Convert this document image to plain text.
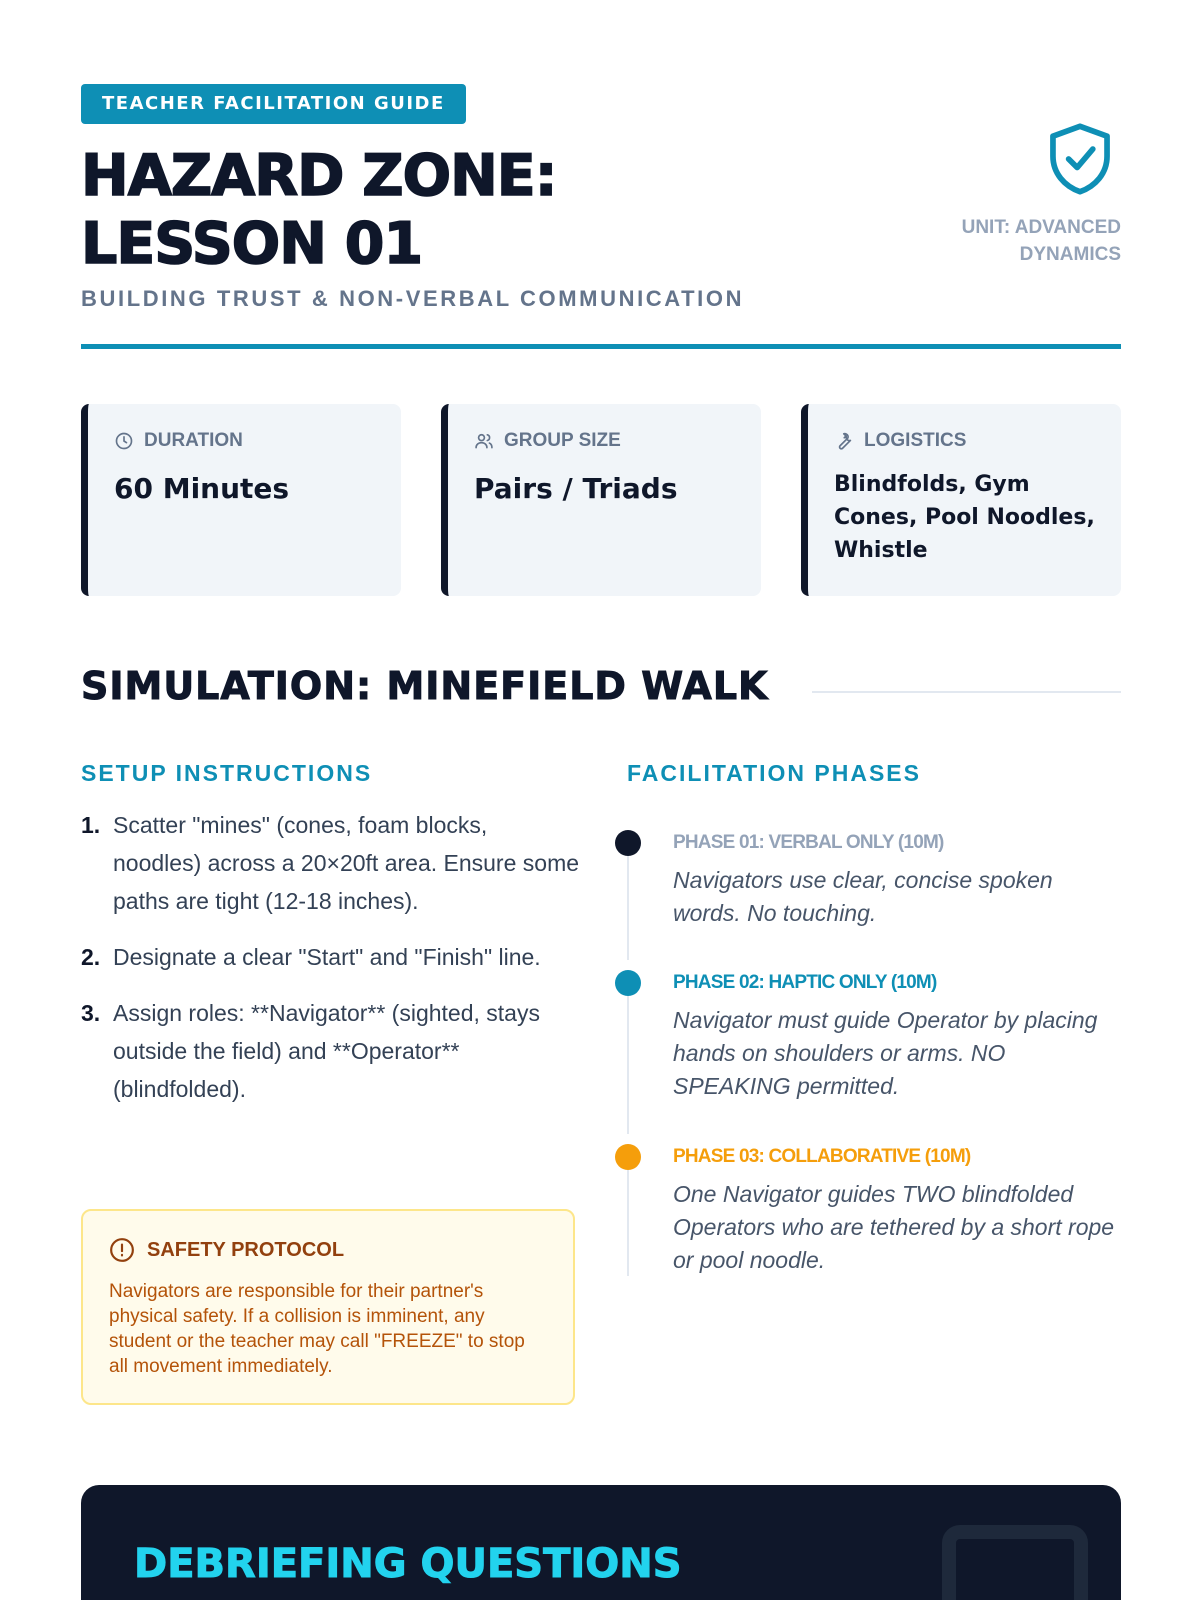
TEACHER FACILITATION GUIDE
HAZARD ZONE: LESSON 01
BUILDING TRUST & NON-VERBAL COMMUNICATION
UNIT: ADVANCED DYNAMICS
DURATION
60 Minutes
GROUP SIZE
Pairs / Triads
LOGISTICS
Blindfolds, Gym Cones, Pool Noodles, Whistle
SIMULATION: MINEFIELD WALK
SETUP INSTRUCTIONS
1. Scatter "mines" (cones, foam blocks, noodles) across a 20×20ft area. Ensure some paths are tight (12-18 inches).
2. Designate a clear "Start" and "Finish" line.
3. Assign roles: **Navigator** (sighted, stays outside the field) and **Operator** (blindfolded).
SAFETY PROTOCOL
Navigators are responsible for their partner's physical safety. If a collision is imminent, any student or the teacher may call "FREEZE" to stop all movement immediately.
FACILITATION PHASES
PHASE 01: VERBAL ONLY (10M)
Navigators use clear, concise spoken words. No touching.
PHASE 02: HAPTIC ONLY (10M)
Navigator must guide Operator by placing hands on shoulders or arms. NO SPEAKING permitted.
PHASE 03: COLLABORATIVE (10M)
One Navigator guides TWO blindfolded Operators who are tethered by a short rope or pool noodle.
DEBRIEFING QUESTIONS
